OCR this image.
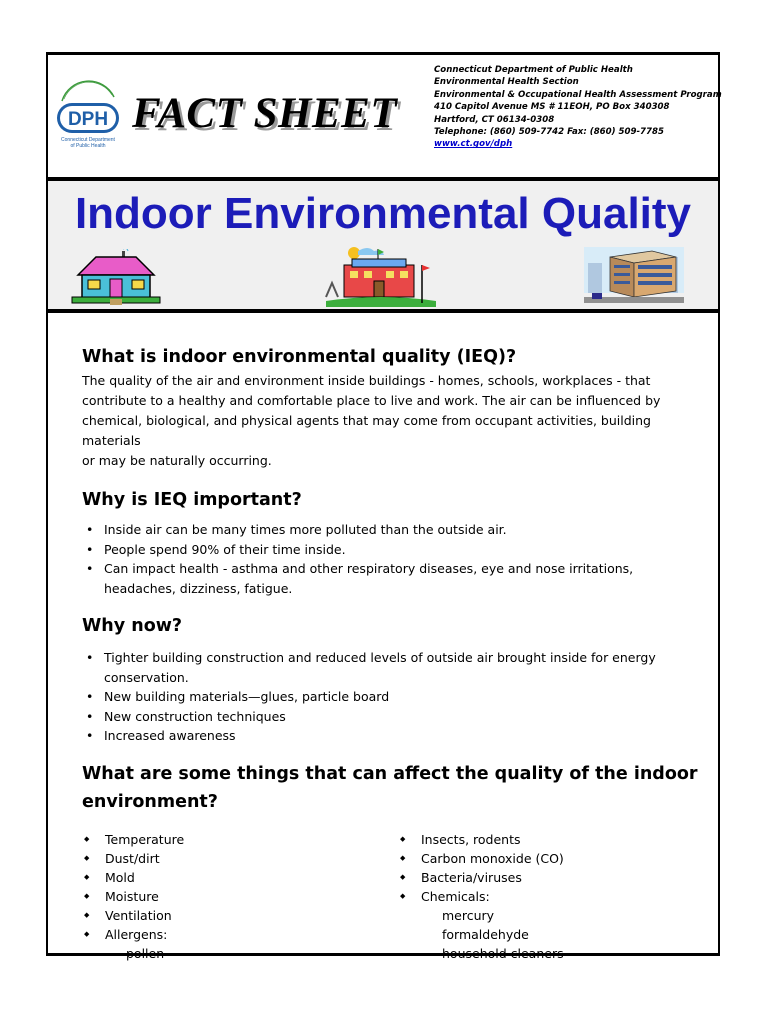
DPH
Connecticut Department
of Public Health
FACT SHEET
Connecticut Department of Public Health
Environmental Health Section
Environmental & Occupational Health Assessment Program
410 Capitol Avenue MS # 11EOH, PO Box 340308
Hartford, CT 06134-0308
Telephone: (860) 509-7742 Fax: (860) 509-7785
www.ct.gov/dph
Indoor Environmental Quality
What is indoor environmental quality (IEQ)?
The quality of the air and environment inside buildings - homes, schools, workplaces - that
contribute to a healthy and comfortable place to live and work. The air can be influenced by
chemical, biological, and physical agents that may come from occupant activities, building materials
or may be naturally occurring.
Why is IEQ important?
• Inside air can be many times more polluted than the outside air.
• People spend 90% of their time inside.
• Can impact health - asthma and other respiratory diseases, eye and nose irritations, headaches, dizziness, fatigue.
Why now?
• Tighter building construction and reduced levels of outside air brought inside for energy conservation.
• New building materials—glues, particle board
• New construction techniques
• Increased awareness
What are some things that can affect the quality of the indoor
environment?
◆ Temperature
◆ Dust/dirt
◆ Mold
◆ Moisture
◆ Ventilation
◆ Allergens:
pollen
◆ Insects, rodents
◆ Carbon monoxide (CO)
◆ Bacteria/viruses
◆ Chemicals:
mercury
formaldehyde
household cleaners
